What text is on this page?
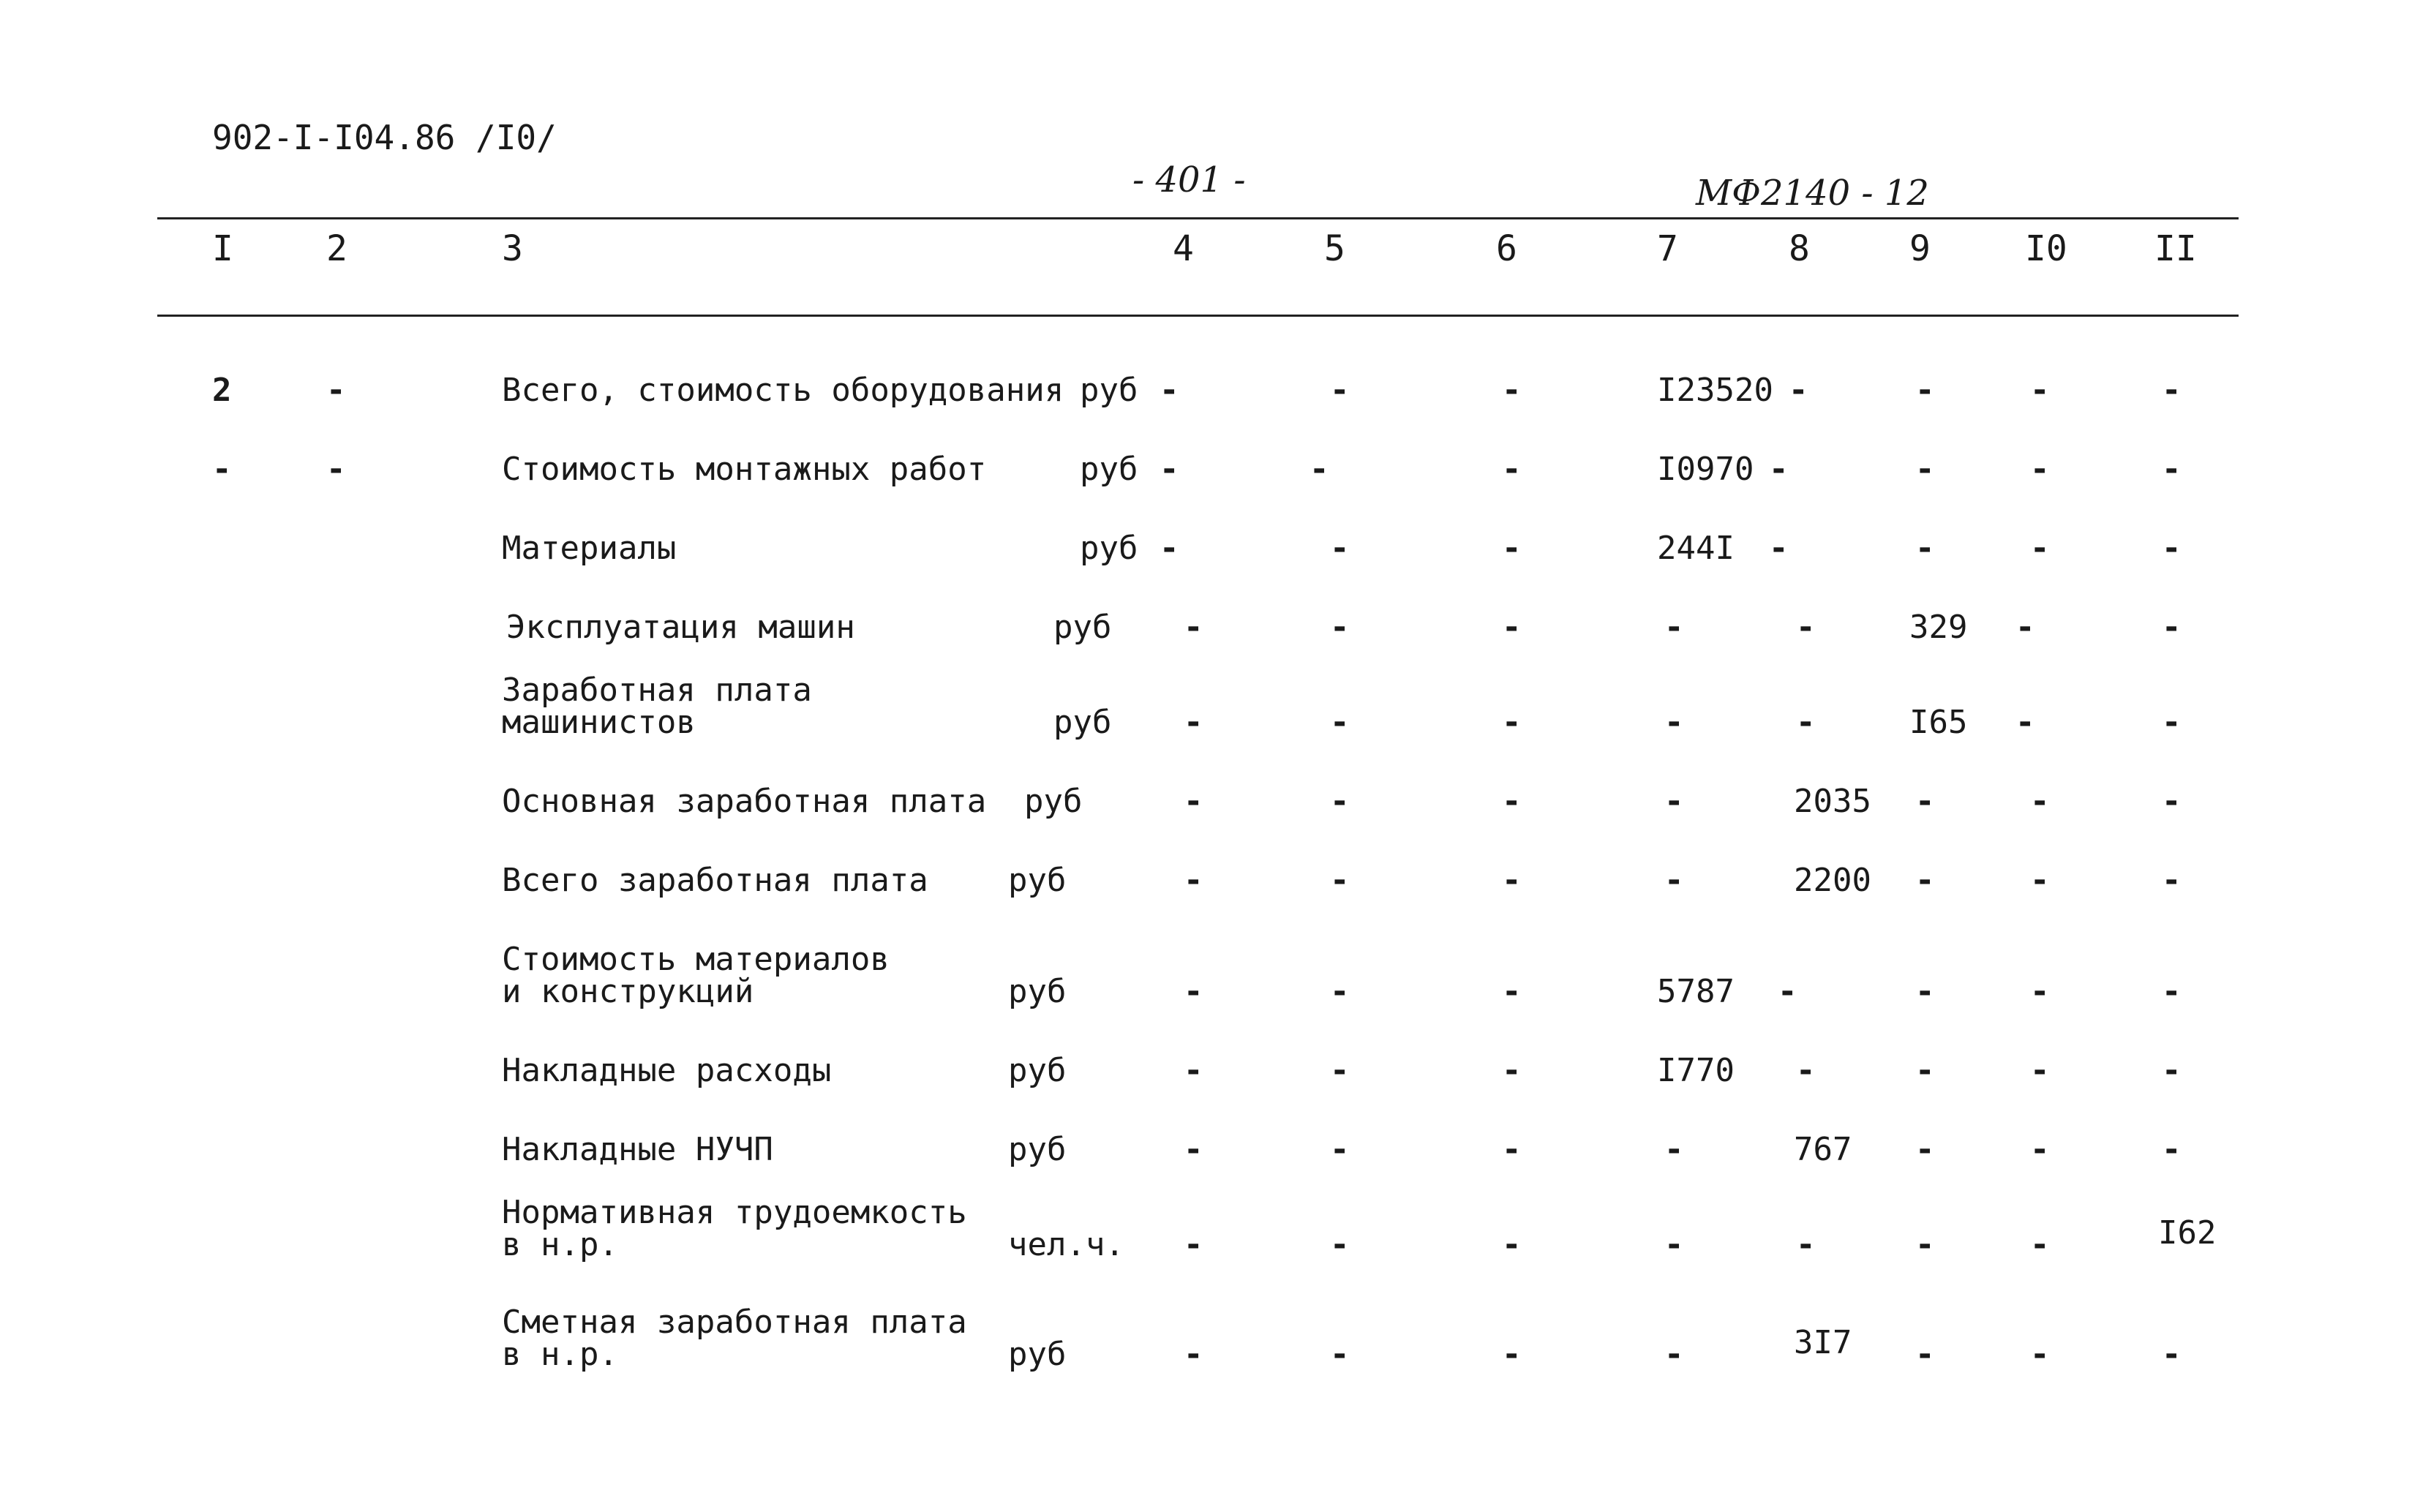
902-I-I04.86 /I0/
- 401 -	МФ2140 - 12
I	2	3	4	5	6	7	8	9	I0 II
2	-	Всего, стоимость оборудования руб -	-	-	I23520 -	-	-	-
-	-	Стоимость монтажных работ	руб -	-	-	I0970 -	-	-	-
Материалы	руб -	-	-	244I -	-	-	-
Эксплуатация машин	руб -	-	-	-	-	329 -	-
Заработная плата
машинистов	руб -	-	-	-	-	I65 -	-
Основная заработная плата руб	-	-	-	-	2035 -	-	-
Всего заработная плата руб	-	-	-	-	2200 -	-	-
Стоимость материалов
и конструкций	руб	-	-	-	5787 -	-	-	-
Накладные расходы	руб	-	-	-	I770 -	-	-	-
Накладные НУЧП	руб	-	-	-	-	767 -	-	-
Нормативная трудоемкость
в н.р.	чел.ч. -	-	-	-	-	-	-	I62
Сметная заработная плата
в н.р.	руб	-	-	-	-	3I7 -	-	-
